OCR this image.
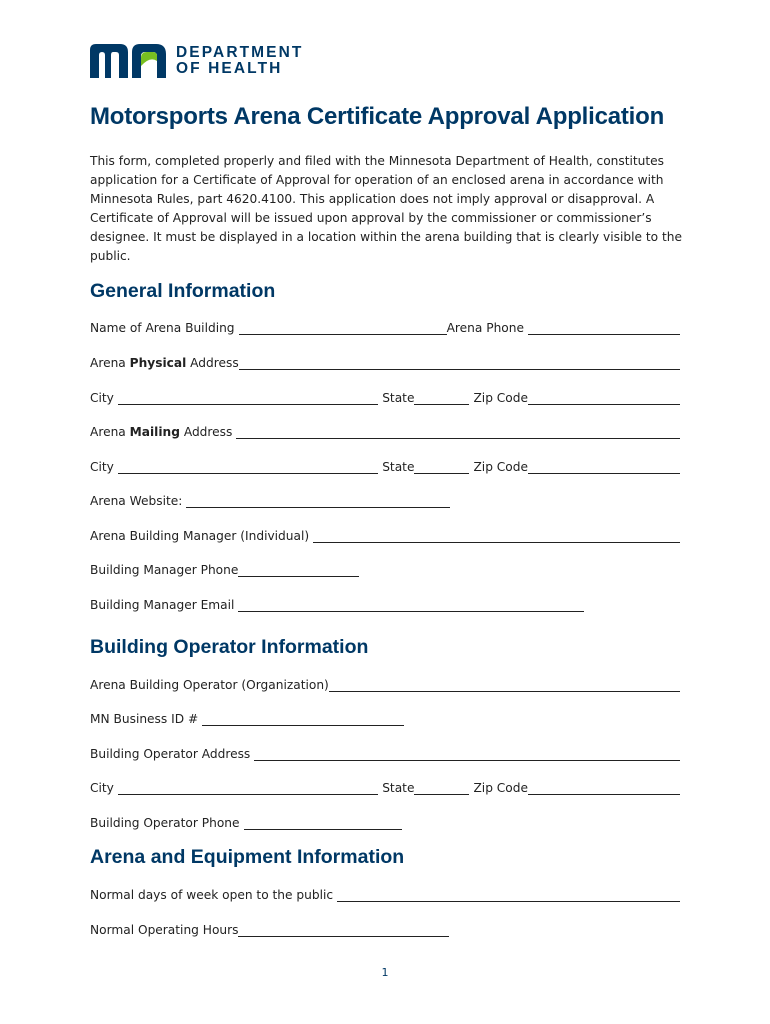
DEPARTMENT
OF HEALTH
Motorsports Arena Certificate Approval Application

This form, completed properly and filed with the Minnesota Department of Health, constitutes application for a Certificate of Approval for operation of an enclosed arena in accordance with Minnesota Rules, part 4620.4100. This application does not imply approval or disapproval. A Certificate of Approval will be issued upon approval by the commissioner or commissioner’s designee. It must be displayed in a location within the arena building that is clearly visible to the public.

General Information
Name of Arena Building	Arena Phone
Arena Physical Address
City	State	Zip Code
Arena Mailing Address
City	State	Zip Code
Arena Website:
Arena Building Manager (Individual)
Building Manager Phone
Building Manager Email
Building Operator Information
Arena Building Operator (Organization)
MN Business ID #
Building Operator Address
City	State	Zip Code
Building Operator Phone
Arena and Equipment Information
Normal days of week open to the public
Normal Operating Hours
1
